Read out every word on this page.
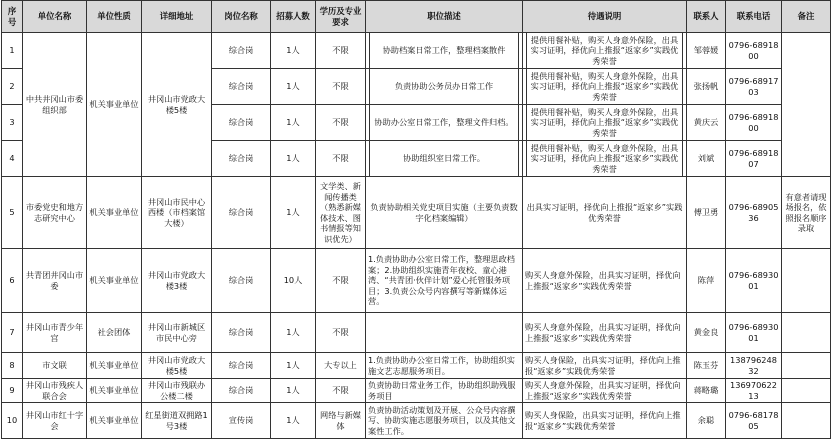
序号	单位名称	单位性质	详细地址	岗位名称	招募人数	学历及专业要求	职位描述	待遇说明	联系人	联系电话	备注
1	中共井冈山市委组织部	机关事业单位	井冈山市党政大楼5楼	综合岗	1人	不限	协助档案日常工作，整理档案散件	提供用餐补贴，购买人身意外保险，出具实习证明，择优向上推报“返家乡”实践优秀荣誉	邹蓉媛	0796-6891800	
2				综合岗	1人	不限	负责协助公务员办日常工作	提供用餐补贴，购买人身意外保险，出具实习证明，择优向上推报“返家乡”实践优秀荣誉	张扬帆	0796-6891703	
3				综合岗	1人	不限	协助办公室日常工作，整理文件归档。	提供用餐补贴，购买人身意外保险，出具实习证明，择优向上推报“返家乡”实践优秀荣誉	黄庆云	0796-6891800	
4				综合岗	1人	不限	协助组织室日常工作。	提供用餐补贴，购买人身意外保险，出具实习证明，择优向上推报“返家乡”实践优秀荣誉	刘斌	0796-6891807	
5	市委党史和地方志研究中心	机关事业单位	井冈山市民中心西楼（市档案馆大楼）	综合岗	1人	文学类、新闻传播类（熟悉新媒体技术、图书情报等知识优先）	负责协助相关党史项目实施（主要负责数字化档案编辑）	出具实习证明，择优向上推报“返家乡”实践优秀荣誉	傅卫勇	0796-6890536	有意者请现场报名，依照报名顺序录取
6	共青团井冈山市委	机关事业单位	井冈山市党政大楼3楼	综合岗	10人	不限	1.负责协助办公室日常工作，整理思政档案；2.协助组织实施青年夜校、童心港湾、“共青团·伙伴计划”爱心托管服务项目；3.负责公众号内容撰写等新媒体运营。	购买人身意外保险，出具实习证明，择优向上推报“返家乡”实践优秀荣誉	陈萍	0796-6893001	
7	井冈山市青少年宫	社会团体	井冈山市新城区市民中心旁	综合岗	1人	不限		购买人身意外保险，出具实习证明，择优向上推报“返家乡”实践优秀荣誉	黄金良	0796-6893001	
8	市文联	机关事业单位	井冈山市党政大楼5楼	综合岗	1人	大专以上	1.负责协助办公室日常工作，协助组织实施文艺志愿服务项目。	购买人身保险，出具实习证明，择优向上推报“返家乡”实践优秀荣誉	陈玉芬	13879624832	
9	井冈山市残疾人联合会	机关事业单位	井冈山市残联办公楼二楼	综合岗	1人	不限	负责协助日常业务工作，协助组织助残服务项目	购买人身意外保险，出具实习证明，择优向上推报“返家乡”实践优秀荣誉	蒋略璐	13697062213	
10	井冈山市红十字会	机关事业单位	红星街道双拥路1号3楼	宣传岗	1人	网络与新媒体	负责协助活动策划及开展、公众号内容撰写、协助实施志愿服务项目，以及其他文案性工作。	购买人身保险，出具实习证明，择优向上推报“返家乡”实践优秀荣誉	余聪	0796-6817805	
